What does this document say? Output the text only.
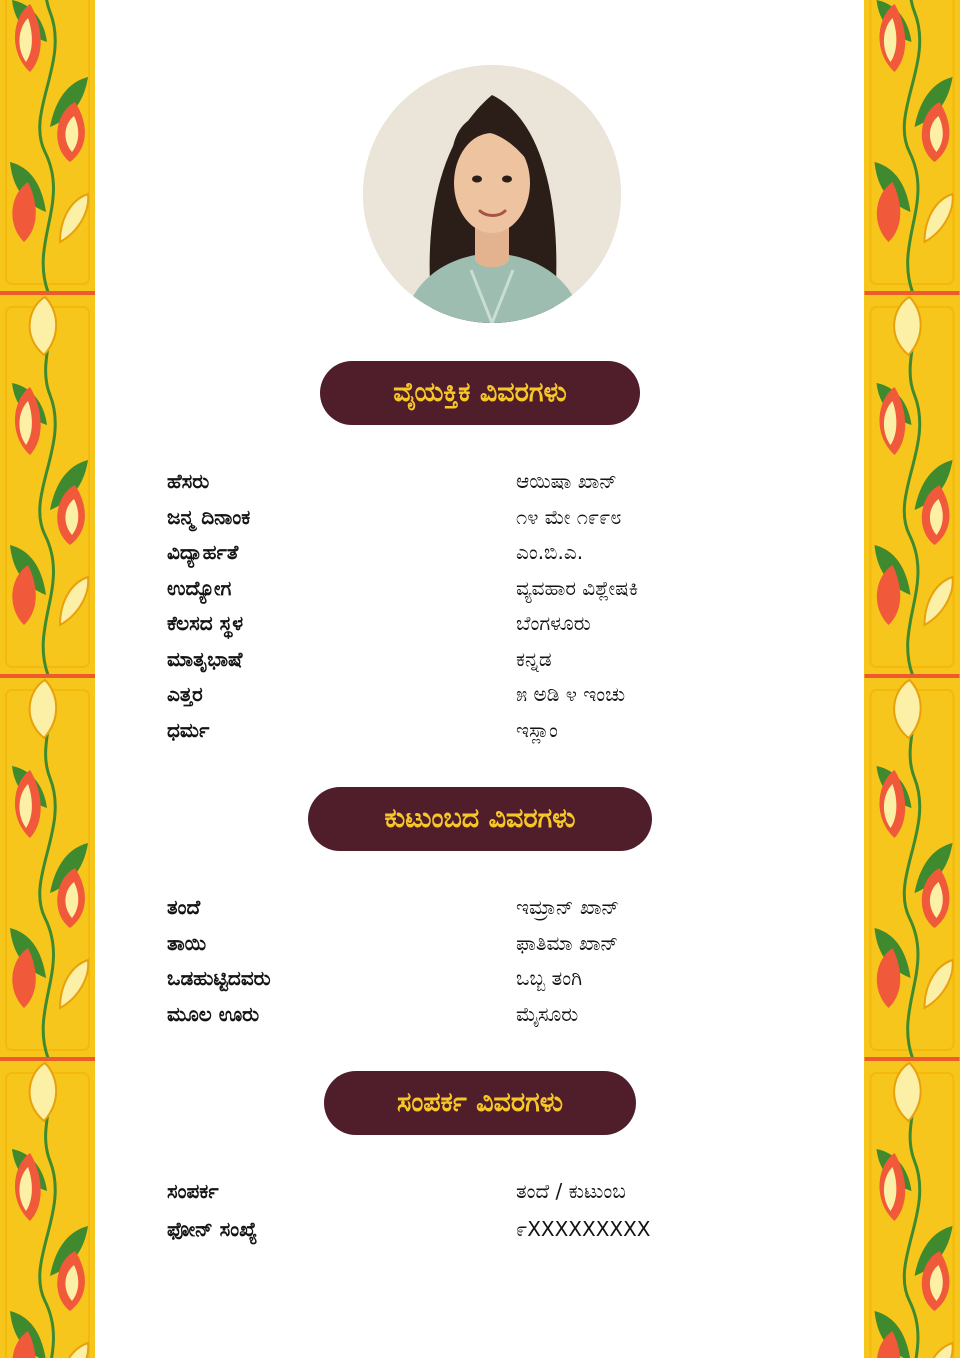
ವೈಯಕ್ತಿಕ ವಿವರಗಳು
ಹೆಸರು	ಆಯಿಷಾ ಖಾನ್
ಜನ್ಮ ದಿನಾಂಕ	೧೪ ಮೇ ೧೯೯೮
ವಿದ್ಯಾರ್ಹತೆ	ಎಂ.ಬಿ.ಎ.
ಉದ್ಯೋಗ	ವ್ಯವಹಾರ ವಿಶ್ಲೇಷಕಿ
ಕೆಲಸದ ಸ್ಥಳ	ಬೆಂಗಳೂರು
ಮಾತೃಭಾಷೆ	ಕನ್ನಡ
ಎತ್ತರ	೫ ಅಡಿ ೪ ಇಂಚು
ಧರ್ಮ	ಇಸ್ಲಾಂ
ಕುಟುಂಬದ ವಿವರಗಳು
ತಂದೆ	ಇಮ್ರಾನ್ ಖಾನ್
ತಾಯಿ	ಫಾತಿಮಾ ಖಾನ್
ಒಡಹುಟ್ಟಿದವರು	ಒಬ್ಬ ತಂಗಿ
ಮೂಲ ಊರು	ಮೈಸೂರು
ಸಂಪರ್ಕ ವಿವರಗಳು
ಸಂಪರ್ಕ	ತಂದೆ / ಕುಟುಂಬ
ಫೋನ್ ಸಂಖ್ಯೆ	೯XXXXXXXXX
